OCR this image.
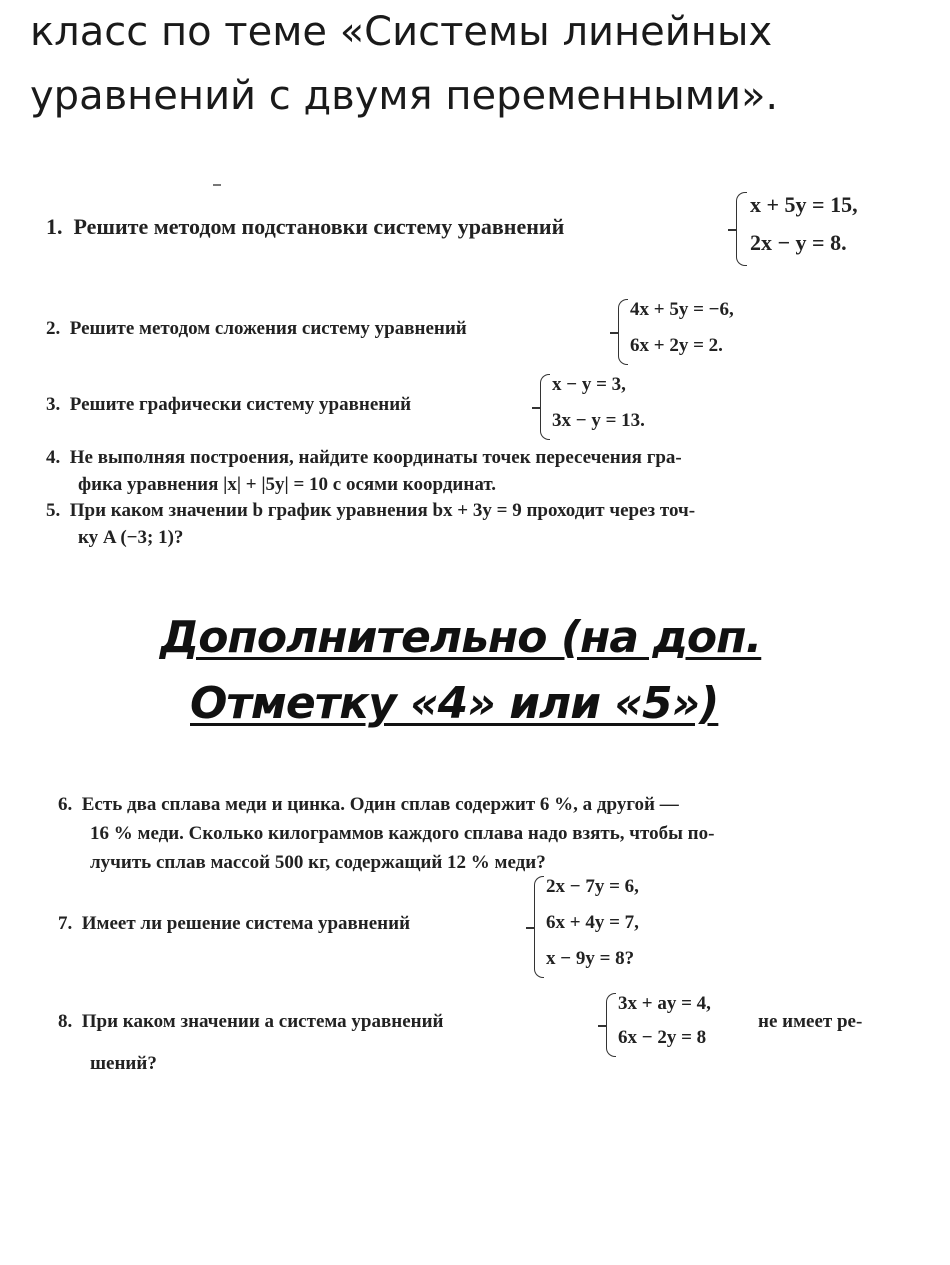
класс по теме «Системы линейных
уравнений с двумя переменными».
1. Решите методом подстановки систему уравнений
x + 5y = 15,
2x − y = 8.
2. Решите методом сложения систему уравнений
4x + 5y = −6,
6x + 2y = 2.
3. Решите графически систему уравнений
x − y = 3,
3x − y = 13.
4. Не выполняя построения, найдите координаты точек пересечения гра-
фика уравнения |x| + |5y| = 10 с осями координат.
5. При каком значении b график уравнения bx + 3y = 9 проходит через точ-
ку A (−3; 1)?
Дополнительно (на доп.
Отметку «4» или «5»)
6. Есть два сплава меди и цинка. Один сплав содержит 6 %, а другой —
16 % меди. Сколько килограммов каждого сплава надо взять, чтобы по-
лучить сплав массой 500 кг, содержащий 12 % меди?
7. Имеет ли решение система уравнений
2x − 7y = 6,
6x + 4y = 7,
x − 9y = 8?
8. При каком значении a система уравнений
3x + ay = 4,
6x − 2y = 8
не имеет ре-
шений?
